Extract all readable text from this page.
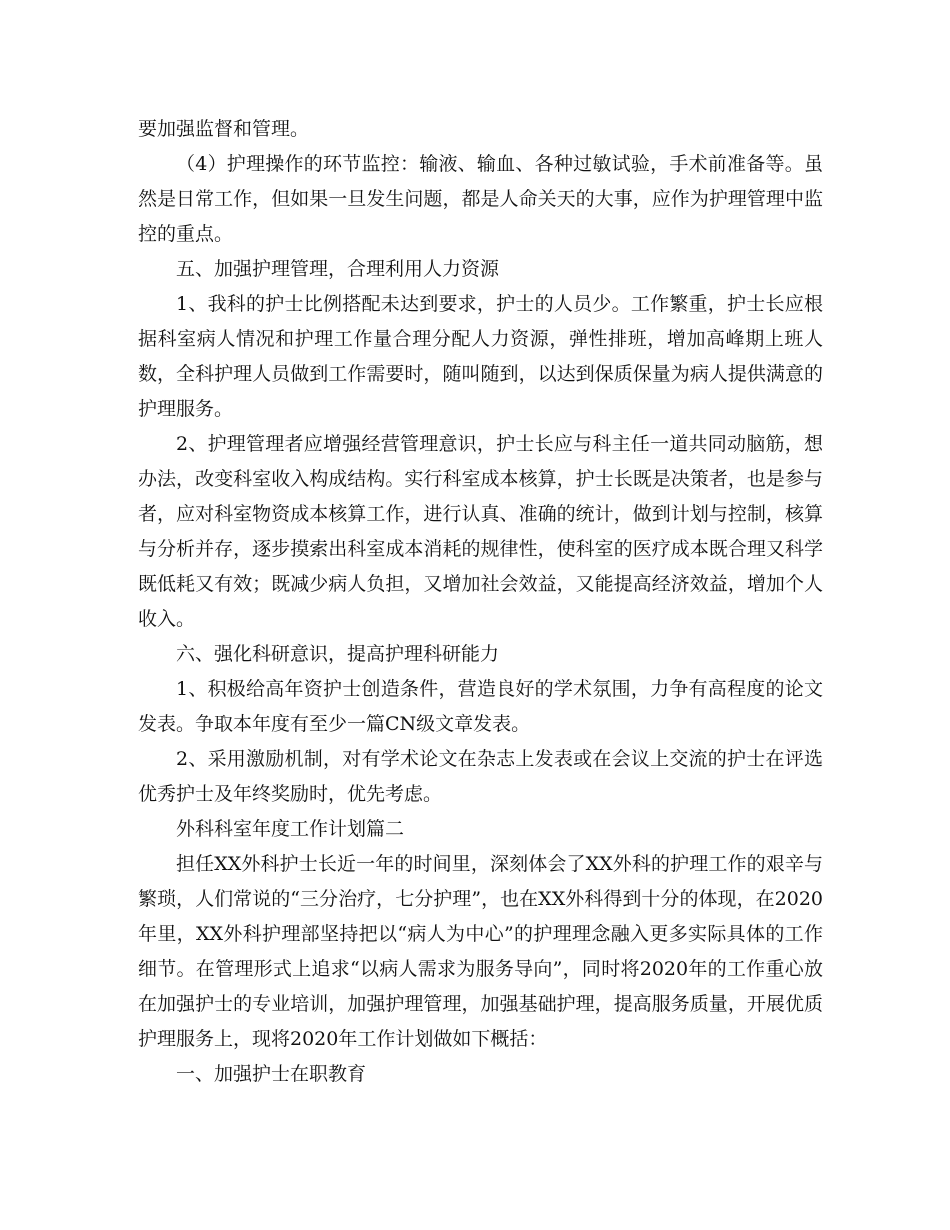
要加强监督和管理。

（4）护理操作的环节监控：输液、输血、各种过敏试验，手术前准备等。虽然是日常工作，但如果一旦发生问题，都是人命关天的大事，应作为护理管理中监控的重点。

五、加强护理管理，合理利用人力资源

1、我科的护士比例搭配未达到要求，护士的人员少。工作繁重，护士长应根据科室病人情况和护理工作量合理分配人力资源，弹性排班，增加高峰期上班人数，全科护理人员做到工作需要时，随叫随到，以达到保质保量为病人提供满意的护理服务。

2、护理管理者应增强经营管理意识，护士长应与科主任一道共同动脑筋，想办法，改变科室收入构成结构。实行科室成本核算，护士长既是决策者，也是参与者，应对科室物资成本核算工作，进行认真、准确的统计，做到计划与控制，核算与分析并存，逐步摸索出科室成本消耗的规律性，使科室的医疗成本既合理又科学既低耗又有效；既减少病人负担，又增加社会效益，又能提高经济效益，增加个人收入。

六、强化科研意识，提高护理科研能力

1、积极给高年资护士创造条件，营造良好的学术氛围，力争有高程度的论文发表。争取本年度有至少一篇CN级文章发表。

2、采用激励机制，对有学术论文在杂志上发表或在会议上交流的护士在评选优秀护士及年终奖励时，优先考虑。

外科科室年度工作计划篇二

担任XX外科护士长近一年的时间里，深刻体会了XX外科的护理工作的艰辛与繁琐，人们常说的“三分治疗，七分护理”，也在XX外科得到十分的体现，在2020年里，XX外科护理部坚持把以“病人为中心”的护理理念融入更多实际具体的工作细节。在管理形式上追求“以病人需求为服务导向”，同时将2020年的工作重心放在加强护士的专业培训，加强护理管理，加强基础护理，提高服务质量，开展优质护理服务上，现将2020年工作计划做如下概括：

一、加强护士在职教育
